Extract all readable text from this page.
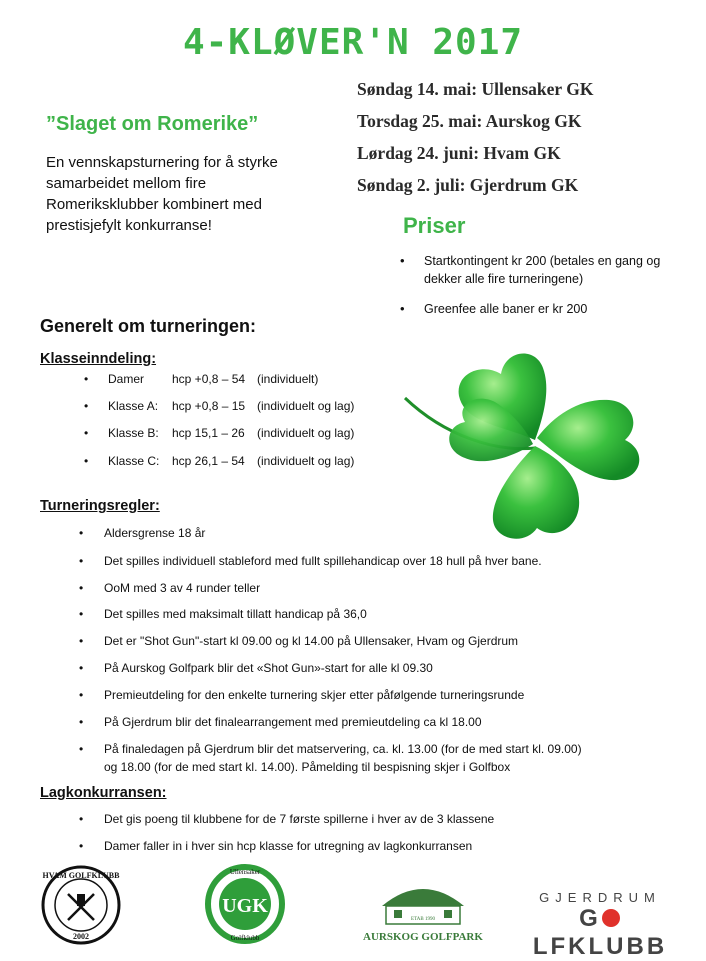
4-KLØVER'N 2017
Søndag 14. mai: Ullensaker GK
Torsdag 25. mai: Aurskog GK
Lørdag 24. juni: Hvam GK
Søndag 2. juli: Gjerdrum GK
”Slaget om Romerike”
En vennskapsturnering for å styrke samarbeidet mellom fire Romeriksklubber kombinert med prestisjefylt konkurranse!	Priser
• Startkontingent kr 200 (betales en gang og dekker alle fire turneringene)
• Greenfee alle baner er kr 200
Generelt om turneringen:
Klasseinndeling:
• Damer hcp +0,8 – 54 (individuelt)
• Klasse A: hcp +0,8 – 15 (individuelt og lag)
• Klasse B: hcp 15,1 – 26 (individuelt og lag)
• Klasse C: hcp 26,1 – 54 (individuelt og lag)
Turneringsregler:
• Aldersgrense 18 år
• Det spilles individuell stableford med fullt spillehandicap over 18 hull på hver bane.
• OoM med 3 av 4 runder teller
• Det spilles med maksimalt tillatt handicap på 36,0
• Det er "Shot Gun"-start kl 09.00 og kl 14.00 på Ullensaker, Hvam og Gjerdrum
• På Aurskog Golfpark blir det «Shot Gun»-start for alle kl 09.30
• Premieutdeling for den enkelte turnering skjer etter påfølgende turneringsrunde
• På Gjerdrum blir det finalearrangement med premieutdeling ca kl 18.00
• På finaledagen på Gjerdrum blir det matservering, ca. kl. 13.00 (for de med start kl. 09.00)
og 18.00 (for de med start kl. 14.00). Påmelding til bespisning skjer i Golfbox
Lagkonkurransen:
• Det gis poeng til klubbene for de 7 første spillerne i hver av de 3 klassene
• Damer faller in i hver sin hcp klasse for utregning av lagkonkurransen
HVAM GOLFKLUBB
2002
UGK
Ullensaker
Golfklubb
ETAB 1990
AURSKOG GOLFPARK
GJERDRUM
GLFKLUBB
